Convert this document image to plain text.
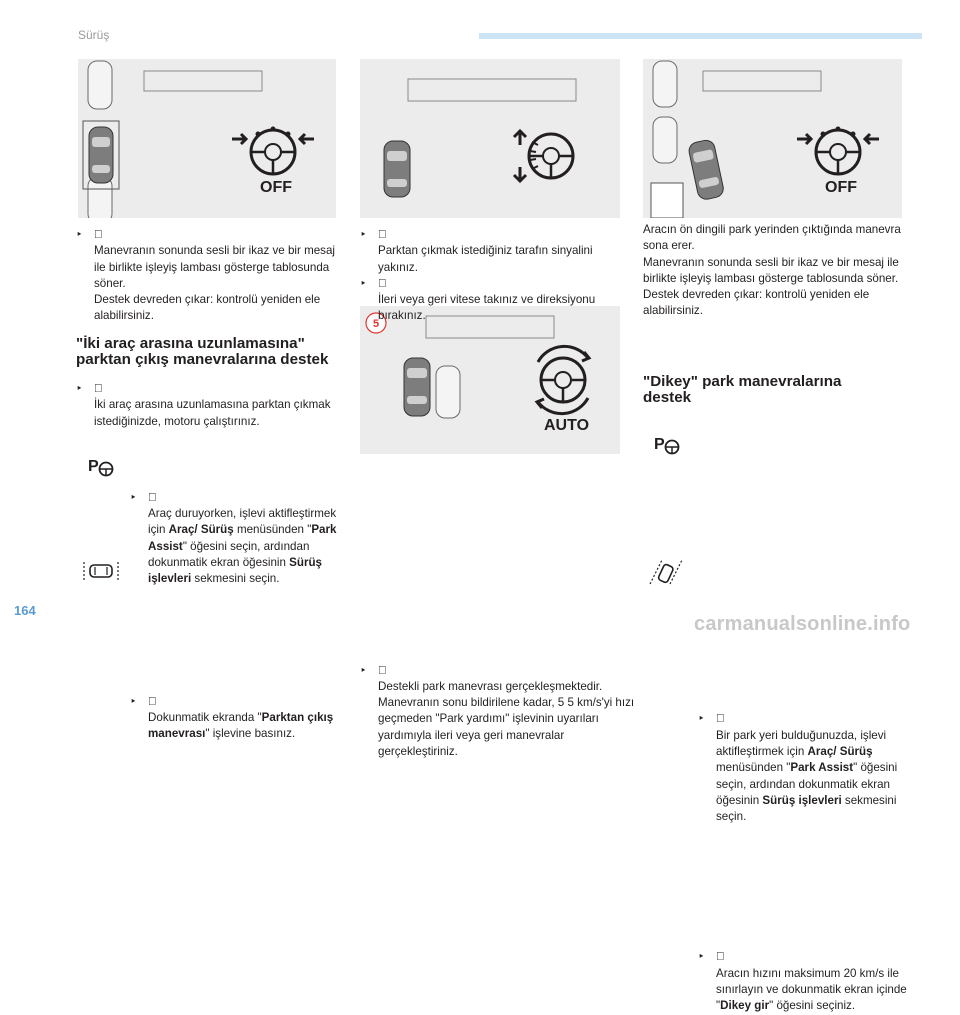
Sürüş
OFF	OFF
5
AUTO
‣
Manevranın sonunda sesli bir ikaz ve bir mesaj ile birlikte işleyiş lambası gösterge tablosunda söner.
Destek devreden çıkar: kontrolü yeniden ele alabilirsiniz.
"İki araç arasına uzunlamasına" parktan çıkış manevralarına destek
‣
İki araç arasına uzunlamasına parktan çıkmak istediğinizde, motoru çalıştırınız.
P
‣
Araç duruyorken, işlevi aktifleştirmek için Araç/ Sürüş menüsünden "Park Assist" öğesini seçin, ardından dokunmatik ekran öğesinin Sürüş işlevleri sekmesini seçin.
‣
Dokunmatik ekranda "Parktan çıkış manevrası" işlevine basınız.
‣
Parktan çıkmak istediğiniz tarafın sinyalini yakınız.
‣
İleri veya geri vitese takınız ve direksiyonu bırakınız.
‣
Destekli park manevrası gerçekleşmektedir. Manevranın sonu bildirilene kadar, 5 5 km/s'yi hızı geçmeden "Park yardımı" işlevinin uyarıları yardımıyla ileri veya geri manevralar gerçekleştiriniz.
Aracın ön dingili park yerinden çıktığında manevra sona erer.
Manevranın sonunda sesli bir ikaz ve bir mesaj ile birlikte işleyiş lambası gösterge tablosunda söner.
Destek devreden çıkar: kontrolü yeniden ele alabilirsiniz.
"Dikey" park manevralarına destek
P
‣
Bir park yeri bulduğunuzda, işlevi aktifleştirmek için Araç/ Sürüş menüsünden "Park Assist" öğesini seçin, ardından dokunmatik ekran öğesinin Sürüş işlevleri sekmesini seçin.
‣
Aracın hızını maksimum 20 km/s ile sınırlayın ve dokunmatik ekran içinde "Dikey gir" öğesini seçiniz.
164
carmanualsonline.info
